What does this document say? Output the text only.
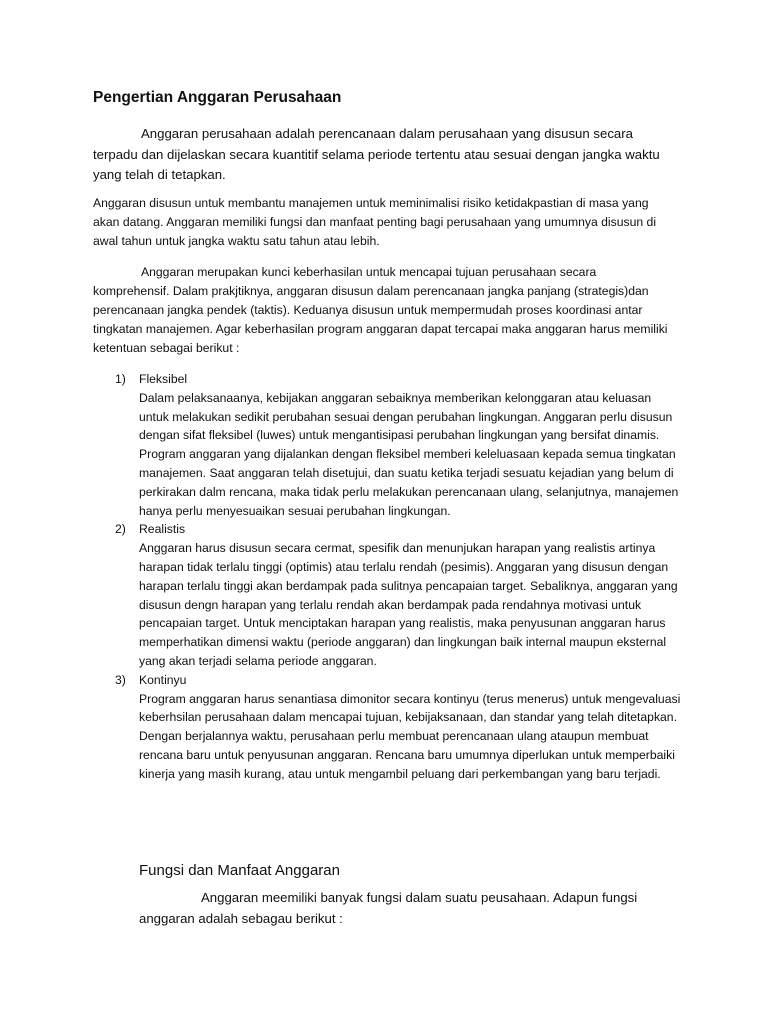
Pengertian Anggaran Perusahaan

Anggaran perusahaan adalah perencanaan dalam perusahaan yang disusun secara terpadu dan dijelaskan secara kuantitif selama periode tertentu atau sesuai dengan jangka waktu yang telah di tetapkan.

Anggaran disusun untuk membantu manajemen untuk meminimalisi risiko ketidakpastian di masa yang akan datang. Anggaran memiliki fungsi dan manfaat penting bagi perusahaan yang umumnya disusun di awal tahun untuk jangka waktu satu tahun atau lebih.

Anggaran merupakan kunci keberhasilan untuk mencapai tujuan perusahaan secara komprehensif. Dalam prakjtiknya, anggaran disusun dalam perencanaan jangka panjang (strategis)dan perencanaan jangka pendek (taktis). Keduanya disusun untuk mempermudah proses koordinasi antar tingkatan manajemen. Agar keberhasilan program anggaran dapat tercapai maka anggaran harus memiliki ketentuan sebagai berikut :

1) Fleksibel
Dalam pelaksanaanya, kebijakan anggaran sebaiknya memberikan kelonggaran atau keluasan untuk melakukan sedikit perubahan sesuai dengan perubahan lingkungan. Anggaran perlu disusun dengan sifat fleksibel (luwes) untuk mengantisipasi perubahan lingkungan yang bersifat dinamis. Program anggaran yang dijalankan dengan fleksibel memberi keleluasaan kepada semua tingkatan manajemen. Saat anggaran telah disetujui, dan suatu ketika terjadi sesuatu kejadian yang belum di perkirakan dalm rencana, maka tidak perlu melakukan perencanaan ulang, selanjutnya, manajemen hanya perlu menyesuaikan sesuai perubahan lingkungan.
2) Realistis
Anggaran harus disusun secara cermat, spesifik dan menunjukan harapan yang realistis artinya harapan tidak terlalu tinggi (optimis) atau terlalu rendah (pesimis). Anggaran yang disusun dengan harapan terlalu tinggi akan berdampak pada sulitnya pencapaian target. Sebaliknya, anggaran yang disusun dengn harapan yang terlalu rendah akan berdampak pada rendahnya motivasi untuk pencapaian target. Untuk menciptakan harapan yang realistis, maka penyusunan anggaran harus memperhatikan dimensi waktu (periode anggaran) dan lingkungan baik internal maupun eksternal yang akan terjadi selama periode anggaran.
3) Kontinyu
Program anggaran harus senantiasa dimonitor secara kontinyu (terus menerus) untuk mengevaluasi keberhsilan perusahaan dalam mencapai tujuan, kebijaksanaan, dan standar yang telah ditetapkan. Dengan berjalannya waktu, perusahaan perlu membuat perencanaan ulang ataupun membuat rencana baru untuk penyusunan anggaran. Rencana baru umumnya diperlukan untuk memperbaiki kinerja yang masih kurang, atau untuk mengambil peluang dari perkembangan yang baru terjadi.
Fungsi dan Manfaat Anggaran

Anggaran meemiliki banyak fungsi dalam suatu peusahaan. Adapun fungsi anggaran adalah sebagau berikut :
